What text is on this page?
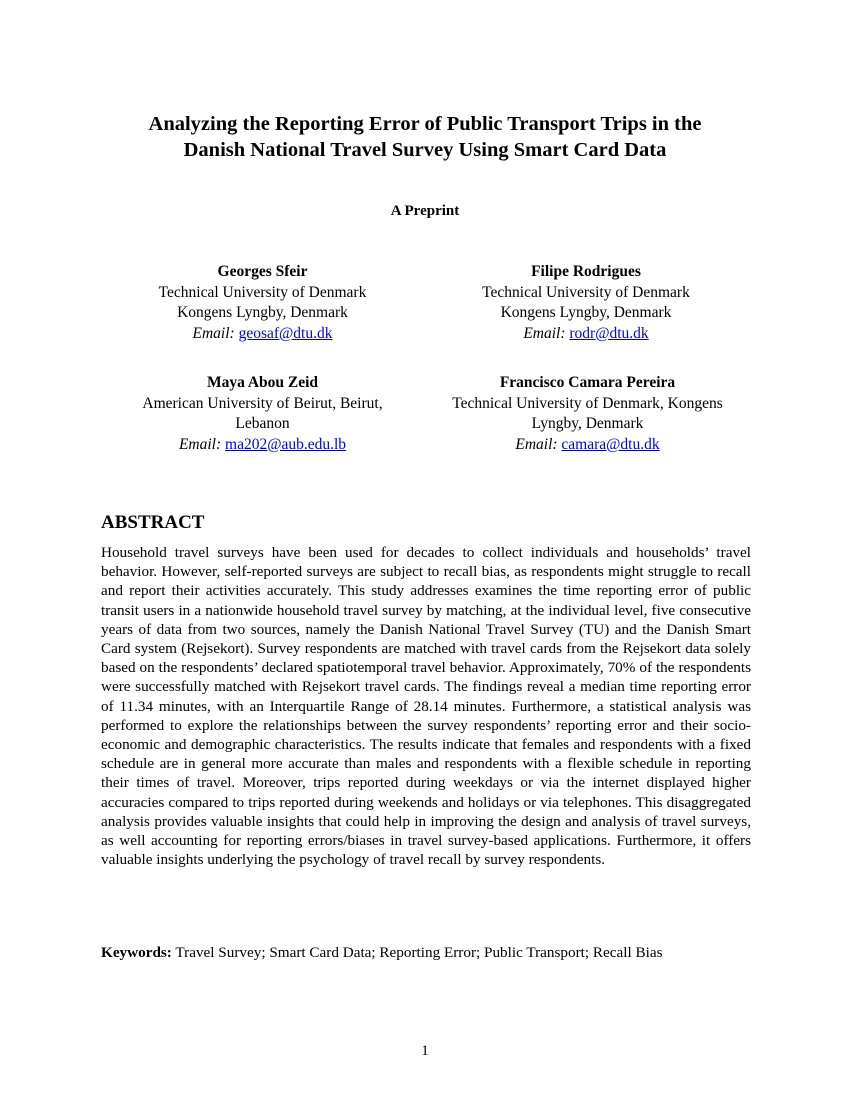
Analyzing the Reporting Error of Public Transport Trips in the
Danish National Travel Survey Using Smart Card Data
A Preprint
Georges Sfeir
Technical University of Denmark
Kongens Lyngby, Denmark
Email: geosaf@dtu.dk
Filipe Rodrigues
Technical University of Denmark
Kongens Lyngby, Denmark
Email: rodr@dtu.dk
Maya Abou Zeid
American University of Beirut, Beirut,
Lebanon
Email: ma202@aub.edu.lb
Francisco Camara Pereira
Technical University of Denmark, Kongens
Lyngby, Denmark
Email: camara@dtu.dk
ABSTRACT

Household travel surveys have been used for decades to collect individuals and households’ travel behavior. However, self-reported surveys are subject to recall bias, as respondents might struggle to recall and report their activities accurately. This study addresses examines the time reporting error of public transit users in a nationwide household travel survey by matching, at the individual level, five consecutive years of data from two sources, namely the Danish National Travel Survey (TU) and the Danish Smart Card system (Rejsekort). Survey respondents are matched with travel cards from the Rejsekort data solely based on the respondents’ declared spatiotemporal travel behavior. Approximately, 70% of the respondents were successfully matched with Rejsekort travel cards. The findings reveal a median time reporting error of 11.34 minutes, with an Interquartile Range of 28.14 minutes. Furthermore, a statistical analysis was performed to explore the relationships between the survey respondents’ reporting error and their socio-economic and demographic characteristics. The results indicate that females and respondents with a fixed schedule are in general more accurate than males and respondents with a flexible schedule in reporting their times of travel. Moreover, trips reported during weekdays or via the internet displayed higher accuracies compared to trips reported during weekends and holidays or via telephones. This disaggregated analysis provides valuable insights that could help in improving the design and analysis of travel surveys, as well accounting for reporting errors/biases in travel survey-based applications. Furthermore, it offers valuable insights underlying the psychology of travel recall by survey respondents.

Keywords: Travel Survey; Smart Card Data; Reporting Error; Public Transport; Recall Bias

1
